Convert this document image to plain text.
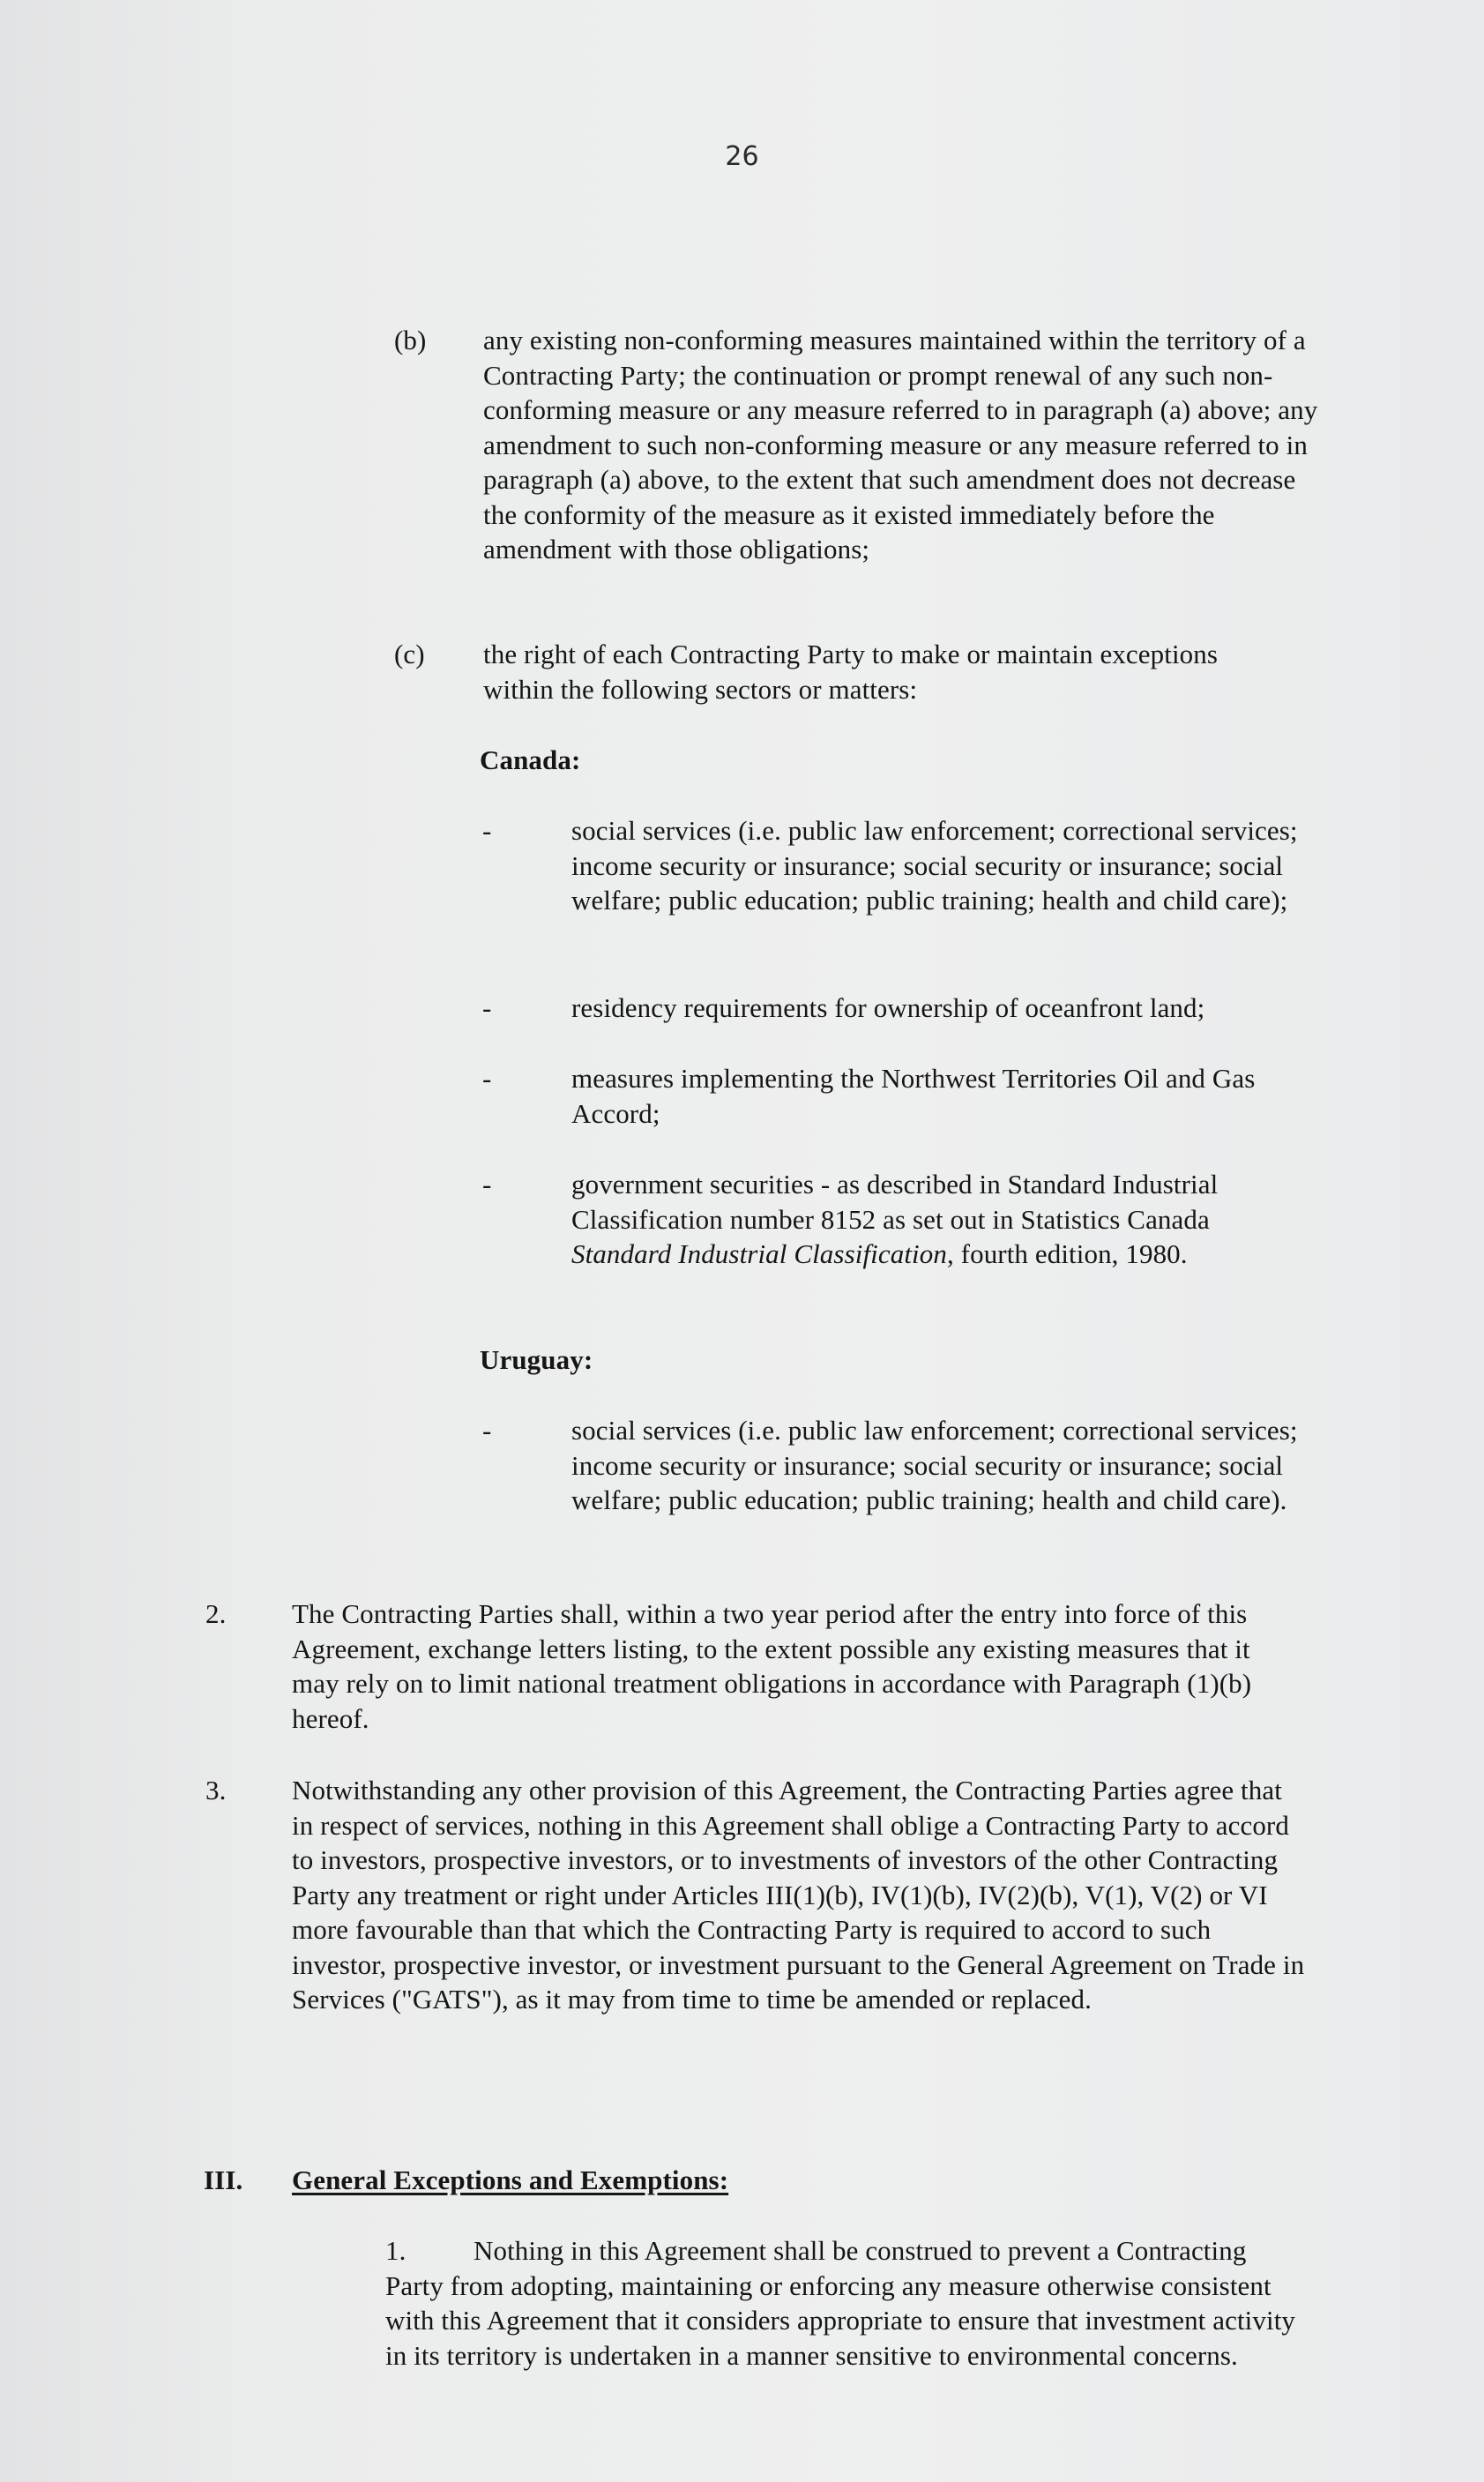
26
(b) any existing non-conforming measures maintained within the territory of a Contracting Party; the continuation or prompt renewal of any such non-conforming measure or any measure referred to in paragraph (a) above; any amendment to such non-conforming measure or any measure referred to in paragraph (a) above, to the extent that such amendment does not decrease the conformity of the measure as it existed immediately before the amendment with those obligations;
(c) the right of each Contracting Party to make or maintain exceptions within the following sectors or matters:
Canada:
-	social services (i.e. public law enforcement; correctional services; income security or insurance; social security or insurance; social welfare; public education; public training; health and child care);
-	residency requirements for ownership of oceanfront land;
-	measures implementing the Northwest Territories Oil and Gas Accord;
-	government securities - as described in Standard Industrial Classification number 8152 as set out in Statistics Canada Standard Industrial Classification, fourth edition, 1980.
Uruguay:
-	social services (i.e. public law enforcement; correctional services; income security or insurance; social security or insurance; social welfare; public education; public training; health and child care).
2. The Contracting Parties shall, within a two year period after the entry into force of this Agreement, exchange letters listing, to the extent possible any existing measures that it may rely on to limit national treatment obligations in accordance with Paragraph (1)(b) hereof.
3. Notwithstanding any other provision of this Agreement, the Contracting Parties agree that in respect of services, nothing in this Agreement shall oblige a Contracting Party to accord to investors, prospective investors, or to investments of investors of the other Contracting Party any treatment or right under Articles III(1)(b), IV(1)(b), IV(2)(b), V(1), V(2) or VI more favourable than that which the Contracting Party is required to accord to such investor, prospective investor, or investment pursuant to the General Agreement on Trade in Services ("GATS"), as it may from time to time be amended or replaced.
III. General Exceptions and Exemptions:
1.	Nothing in this Agreement shall be construed to prevent a Contracting Party from adopting, maintaining or enforcing any measure otherwise consistent with this Agreement that it considers appropriate to ensure that investment activity in its territory is undertaken in a manner sensitive to environmental concerns.
